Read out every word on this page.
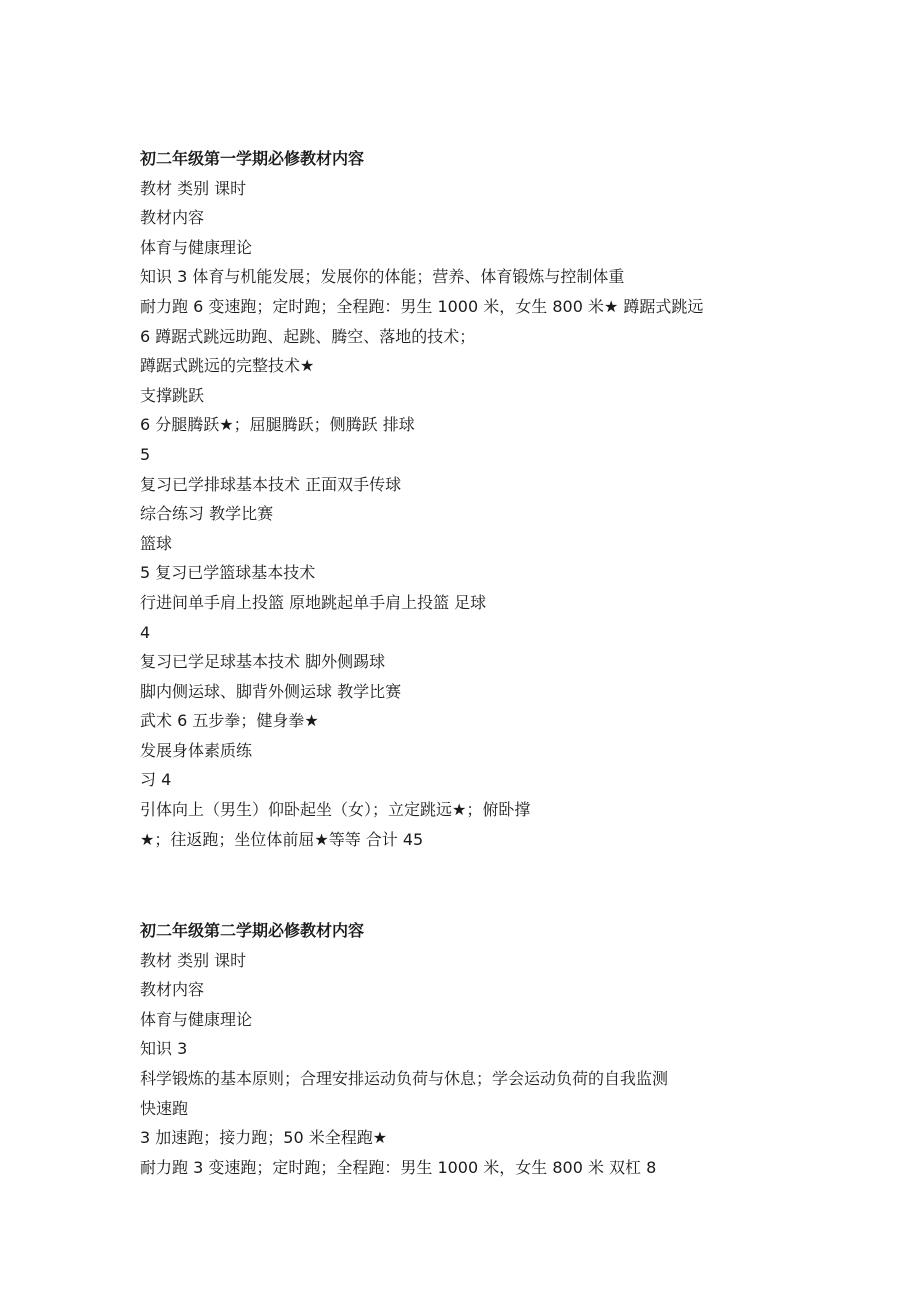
初二年级第一学期必修教材内容
教材 类别 课时
教材内容
体育与健康理论
知识 3 体育与机能发展；发展你的体能；营养、体育锻炼与控制体重
耐力跑 6 变速跑；定时跑；全程跑：男生 1000 米，女生 800 米★ 蹲踞式跳远
6 蹲踞式跳远助跑、起跳、腾空、落地的技术；
蹲踞式跳远的完整技术★
支撑跳跃
6 分腿腾跃★；屈腿腾跃；侧腾跃 排球
5
复习已学排球基本技术 正面双手传球
综合练习 教学比赛
篮球
5 复习已学篮球基本技术
行进间单手肩上投篮 原地跳起单手肩上投篮 足球
4
复习已学足球基本技术 脚外侧踢球
脚内侧运球、脚背外侧运球 教学比赛
武术 6 五步拳；健身拳★
发展身体素质练
习 4
引体向上（男生）仰卧起坐（女）；立定跳远★；俯卧撑
★；往返跑；坐位体前屈★等等 合计 45
初二年级第二学期必修教材内容
教材 类别 课时
教材内容
体育与健康理论
知识 3
科学锻炼的基本原则；合理安排运动负荷与休息；学会运动负荷的自我监测
快速跑
3 加速跑；接力跑；50 米全程跑★
耐力跑 3 变速跑；定时跑；全程跑：男生 1000 米，女生 800 米 双杠 8
